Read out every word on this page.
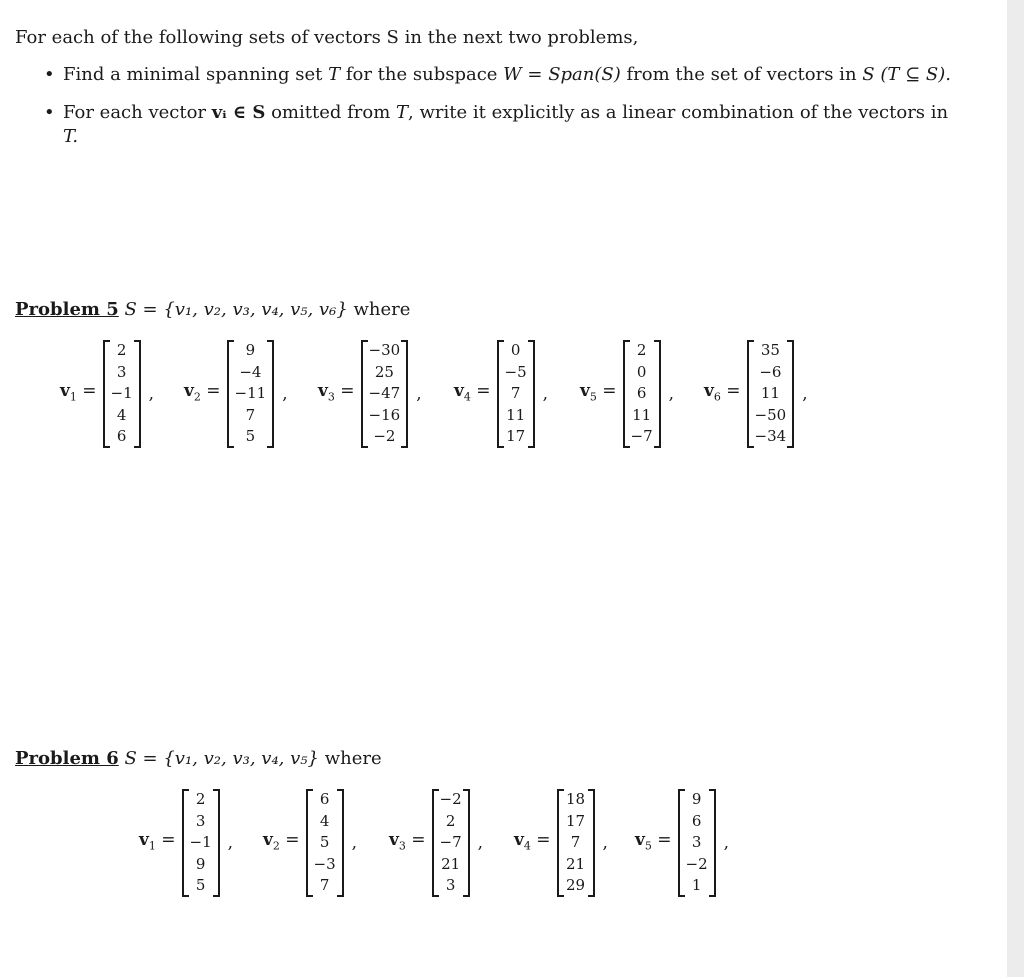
For each of the following sets of vectors S in the next two problems,
• Find a minimal spanning set T for the subspace W = Span(S) from the set of vectors in S (T ⊆ S).
• For each vector vᵢ ∈ S omitted from T, write it explicitly as a linear combination of the vectors in
T.
Problem 5 S = {v₁, v₂, v₃, v₄, v₅, v₆} where
$v_1$ =
2
3
−1
4
6
, $v_2$ =
9
−4
−11
7
5
, $v_3$ =
−30
25
−47
−16
−2
, $v_4$ =
0
−5
7
11
17
, $v_5$ =
2
0
6
11
−7
, $v_6$ =
35
−6
11
−50
−34
,
Problem 6 S = {v₁, v₂, v₃, v₄, v₅} where
$v_1$ =
2
3
−1
9
5
, $v_2$ =
6
4
5
−3
7
, $v_3$ =
−2
2
−7
21
3
, $v_4$ =
18
17
7
21
29
, $v_5$ =
9
6
3
−2
1
,
